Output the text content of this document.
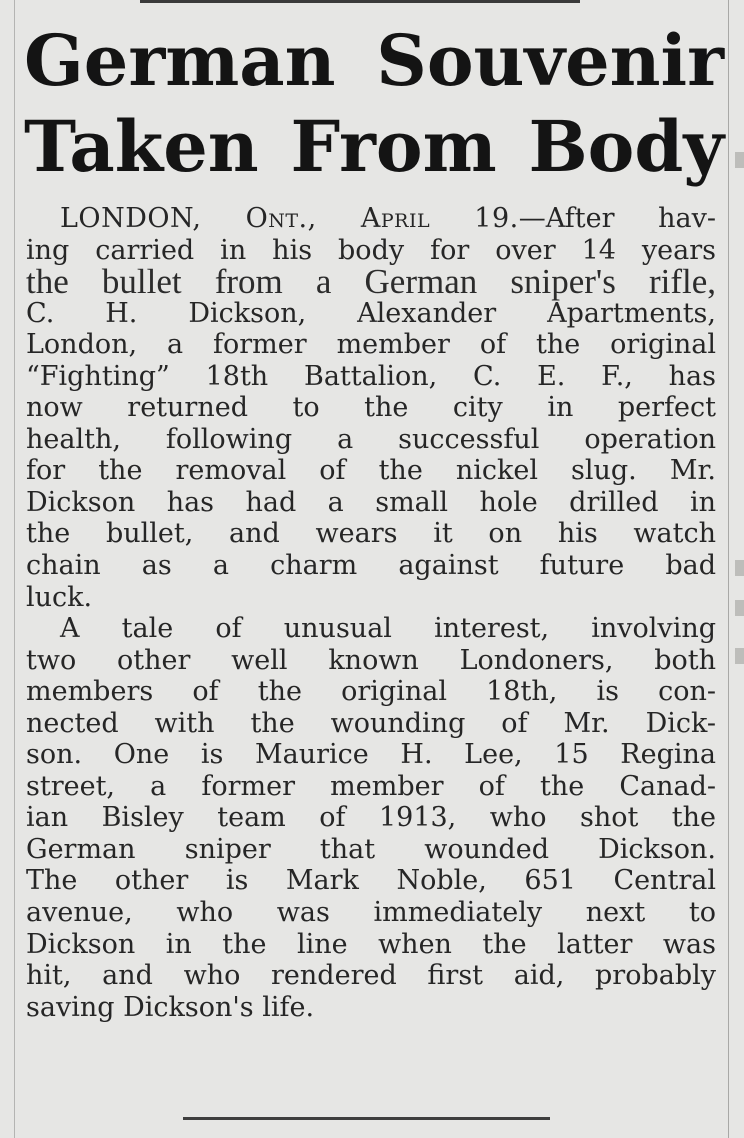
German Souvenir
Taken From Body

LONDON, Ont., April 19.—After hav-
ing carried in his body for over 14 years
the bullet from a German sniper's rifle,
C. H. Dickson, Alexander Apartments,
London, a former member of the original
“Fighting” 18th Battalion, C. E. F., has
now returned to the city in perfect
health, following a successful operation
for the removal of the nickel slug. Mr.
Dickson has had a small hole drilled in
the bullet, and wears it on his watch
chain as a charm against future bad
luck.

A tale of unusual interest, involving
two other well known Londoners, both
members of the original 18th, is con-
nected with the wounding of Mr. Dick-
son. One is Maurice H. Lee, 15 Regina
street, a former member of the Canad-
ian Bisley team of 1913, who shot the
German sniper that wounded Dickson.
The other is Mark Noble, 651 Central
avenue, who was immediately next to
Dickson in the line when the latter was
hit, and who rendered first aid, probably
saving Dickson's life.
